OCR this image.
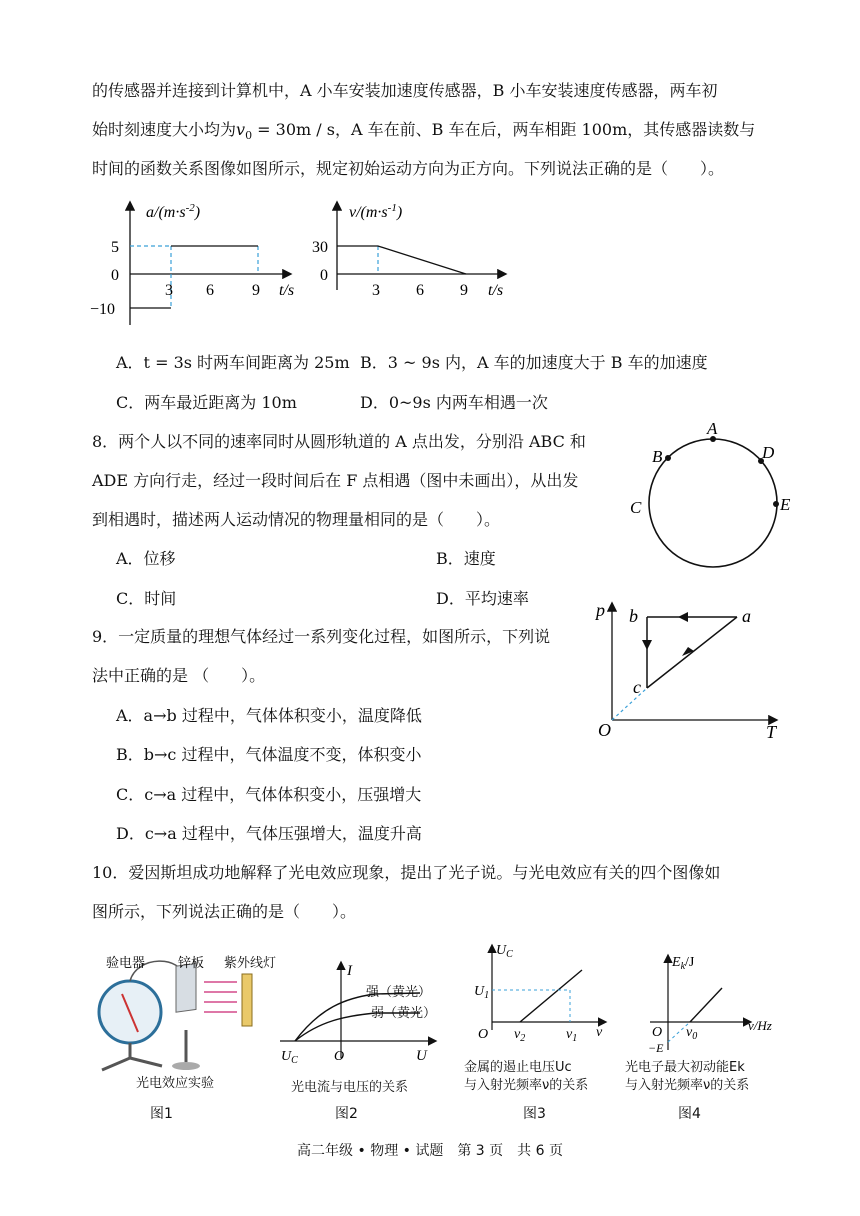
的传感器并连接到计算机中，A 小车安装加速度传感器，B 小车安装速度传感器，两车初
始时刻速度大小均为$v_0 = 30m / s$，A 车在前、B 车在后，两车相距 100m，其传感器读数与
时间的函数关系图像如图所示，规定初始运动方向为正方向。下列说法正确的是（　　）。
$a/(m\cdot s^{-2})$
5
0
−10
3 6 9 t/s
$v/(m\cdot s^{-1})$
30
0
3 6 9 t/s
A．t = 3s 时两车间距离为 25m B．3 ~ 9s 内，A 车的加速度大于 B 车的加速度
C．两车最近距离为 10m	D．0~9s 内两车相遇一次
8．两个人以不同的速率同时从圆形轨道的 A 点出发，分别沿 ABC 和
ADE 方向行走，经过一段时间后在 F 点相遇（图中未画出），从出发
到相遇时，描述两人运动情况的物理量相同的是（　　）。
A．位移	B．速度
C．时间	D．平均速率
A
B
C
D
E
9．一定质量的理想气体经过一系列变化过程，如图所示，下列说
法中正确的是 （　　）。
A．a→b 过程中，气体体积变小，温度降低
B．b→c 过程中，气体温度不变，体积变小
C．c→a 过程中，气体体积变小，压强增大
D．c→a 过程中，气体压强增大，温度升高
p
T
O
a
b
c
10．爱因斯坦成功地解释了光电效应现象，提出了光子说。与光电效应有关的四个图像如
图所示，下列说法正确的是（　　）。
验电器	锌板 紫外线灯
光电效应实验
图1
I
U
$U_C$	O
强（黄光）
弱（黄光）
光电流与电压的关系
图2
$U_C$
$U_1$
O $\nu_2$	$\nu_1$ ν
金属的遏止电压Uc
与入射光频率ν的关系
图3
$E_k/J$
O
−E
$\nu_0$
ν/Hz
光电子最大初动能Ek
与入射光频率ν的关系
图4
高二年级 • 物理 • 试题　第 3 页　共 6 页
